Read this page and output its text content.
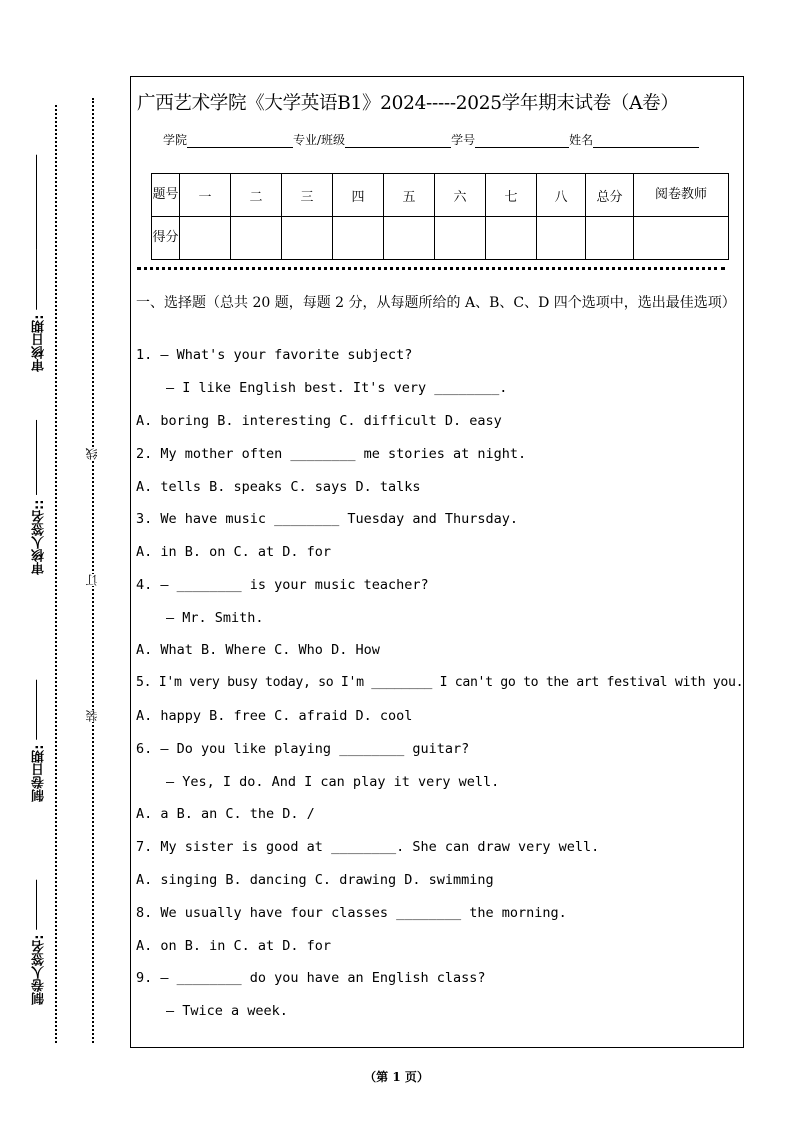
审核日期:
审核人签名::
制卷日期:
制卷人签名:
线
订
装
广西艺术学院《大学英语B1》2024-----2025学年期末试卷（A卷）
学院	专业/班级	学号	姓名
题号	一	二	三	四	五	六	七	八	总分	阅卷教师
得分										
一、选择题（总共 20 题，每题 2 分，从每题所给的 A、B、C、D 四个选项中，选出最佳选项）
1. — What's your favorite subject?
— I like English best. It's very ________.
A. boring B. interesting C. difficult D. easy
2. My mother often ________ me stories at night.
A. tells B. speaks C. says D. talks
3. We have music ________ Tuesday and Thursday.
A. in B. on C. at D. for
4. — ________ is your music teacher?
— Mr. Smith.
A. What B. Where C. Who D. How
5. I'm very busy today, so I'm ________ I can't go to the art festival with you.
A. happy B. free C. afraid D. cool
6. — Do you like playing ________ guitar?
— Yes, I do. And I can play it very well.
A. a B. an C. the D. /
7. My sister is good at ________. She can draw very well.
A. singing B. dancing C. drawing D. swimming
8. We usually have four classes ________ the morning.
A. on B. in C. at D. for
9. — ________ do you have an English class?
— Twice a week.
（第 1 页）
